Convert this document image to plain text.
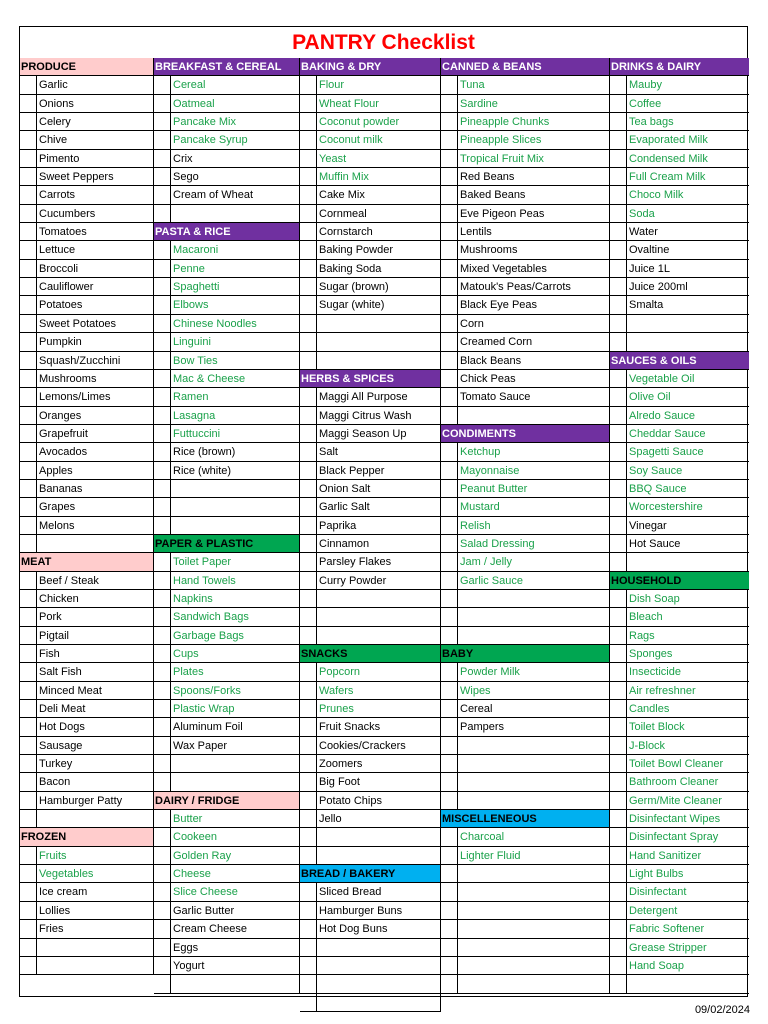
PANTRY Checklist
PRODUCE
Garlic
Onions
Celery
Chive
Pimento
Sweet Peppers
Carrots
Cucumbers
Tomatoes
Lettuce
Broccoli
Cauliflower
Potatoes
Sweet Potatoes
Pumpkin
Squash/Zucchini
Mushrooms
Lemons/Limes
Oranges
Grapefruit
Avocados
Apples
Bananas
Grapes
Melons
MEAT
Beef / Steak
Chicken
Pork
Pigtail
Fish
Salt Fish
Minced Meat
Deli Meat
Hot Dogs
Sausage
Turkey
Bacon
Hamburger Patty
FROZEN
Fruits
Vegetables
Ice cream
Lollies
Fries
BREAKFAST & CEREAL
Cereal
Oatmeal
Pancake Mix
Pancake Syrup
Crix
Sego
Cream of Wheat
PASTA & RICE
Macaroni
Penne
Spaghetti
Elbows
Chinese Noodles
Linguini
Bow Ties
Mac & Cheese
Ramen
Lasagna
Futtuccini
Rice (brown)
Rice (white)
PAPER & PLASTIC
Toilet Paper
Hand Towels
Napkins
Sandwich Bags
Garbage Bags
Cups
Plates
Spoons/Forks
Plastic Wrap
Aluminum Foil
Wax Paper
DAIRY / FRIDGE
Butter
Cookeen
Golden Ray
Cheese
Slice Cheese
Garlic Butter
Cream Cheese
Eggs
Yogurt
BAKING & DRY
Flour
Wheat Flour
Coconut powder
Coconut milk
Yeast
Muffin Mix
Cake Mix
Cornmeal
Cornstarch
Baking Powder
Baking Soda
Sugar (brown)
Sugar (white)
HERBS & SPICES
Maggi All Purpose
Maggi Citrus Wash
Maggi Season Up
Salt
Black Pepper
Onion Salt
Garlic Salt
Paprika
Cinnamon
Parsley Flakes
Curry Powder
SNACKS
Popcorn
Wafers
Prunes
Fruit Snacks
Cookies/Crackers
Zoomers
Big Foot
Potato Chips
Jello
BREAD / BAKERY
Sliced Bread
Hamburger Buns
Hot Dog Buns
CANNED & BEANS
Tuna
Sardine
Pineapple Chunks
Pineapple Slices
Tropical Fruit Mix
Red Beans
Baked Beans
Eve Pigeon Peas
Lentils
Mushrooms
Mixed Vegetables
Matouk's Peas/Carrots
Black Eye Peas
Corn
Creamed Corn
Black Beans
Chick Peas
Tomato Sauce
CONDIMENTS
Ketchup
Mayonnaise
Peanut Butter
Mustard
Relish
Salad Dressing
Jam / Jelly
Garlic Sauce
BABY
Powder Milk
Wipes
Cereal
Pampers
MISCELLENEOUS
Charcoal
Lighter Fluid
DRINKS & DAIRY
Mauby
Coffee
Tea bags
Evaporated Milk
Condensed Milk
Full Cream Milk
Choco Milk
Soda
Water
Ovaltine
Juice 1L
Juice 200ml
Smalta
SAUCES & OILS
Vegetable Oil
Olive Oil
Alredo Sauce
Cheddar Sauce
Spagetti Sauce
Soy Sauce
BBQ Sauce
Worcestershire
Vinegar
Hot Sauce
HOUSEHOLD
Dish Soap
Bleach
Rags
Sponges
Insecticide
Air refreshner
Candles
Toilet Block
J-Block
Toilet Bowl Cleaner
Bathroom Cleaner
Germ/Mite Cleaner
Disinfectant Wipes
Disinfectant Spray
Hand Sanitizer
Light Bulbs
Disinfectant
Detergent
Fabric Softener
Grease Stripper
Hand Soap
09/02/2024
